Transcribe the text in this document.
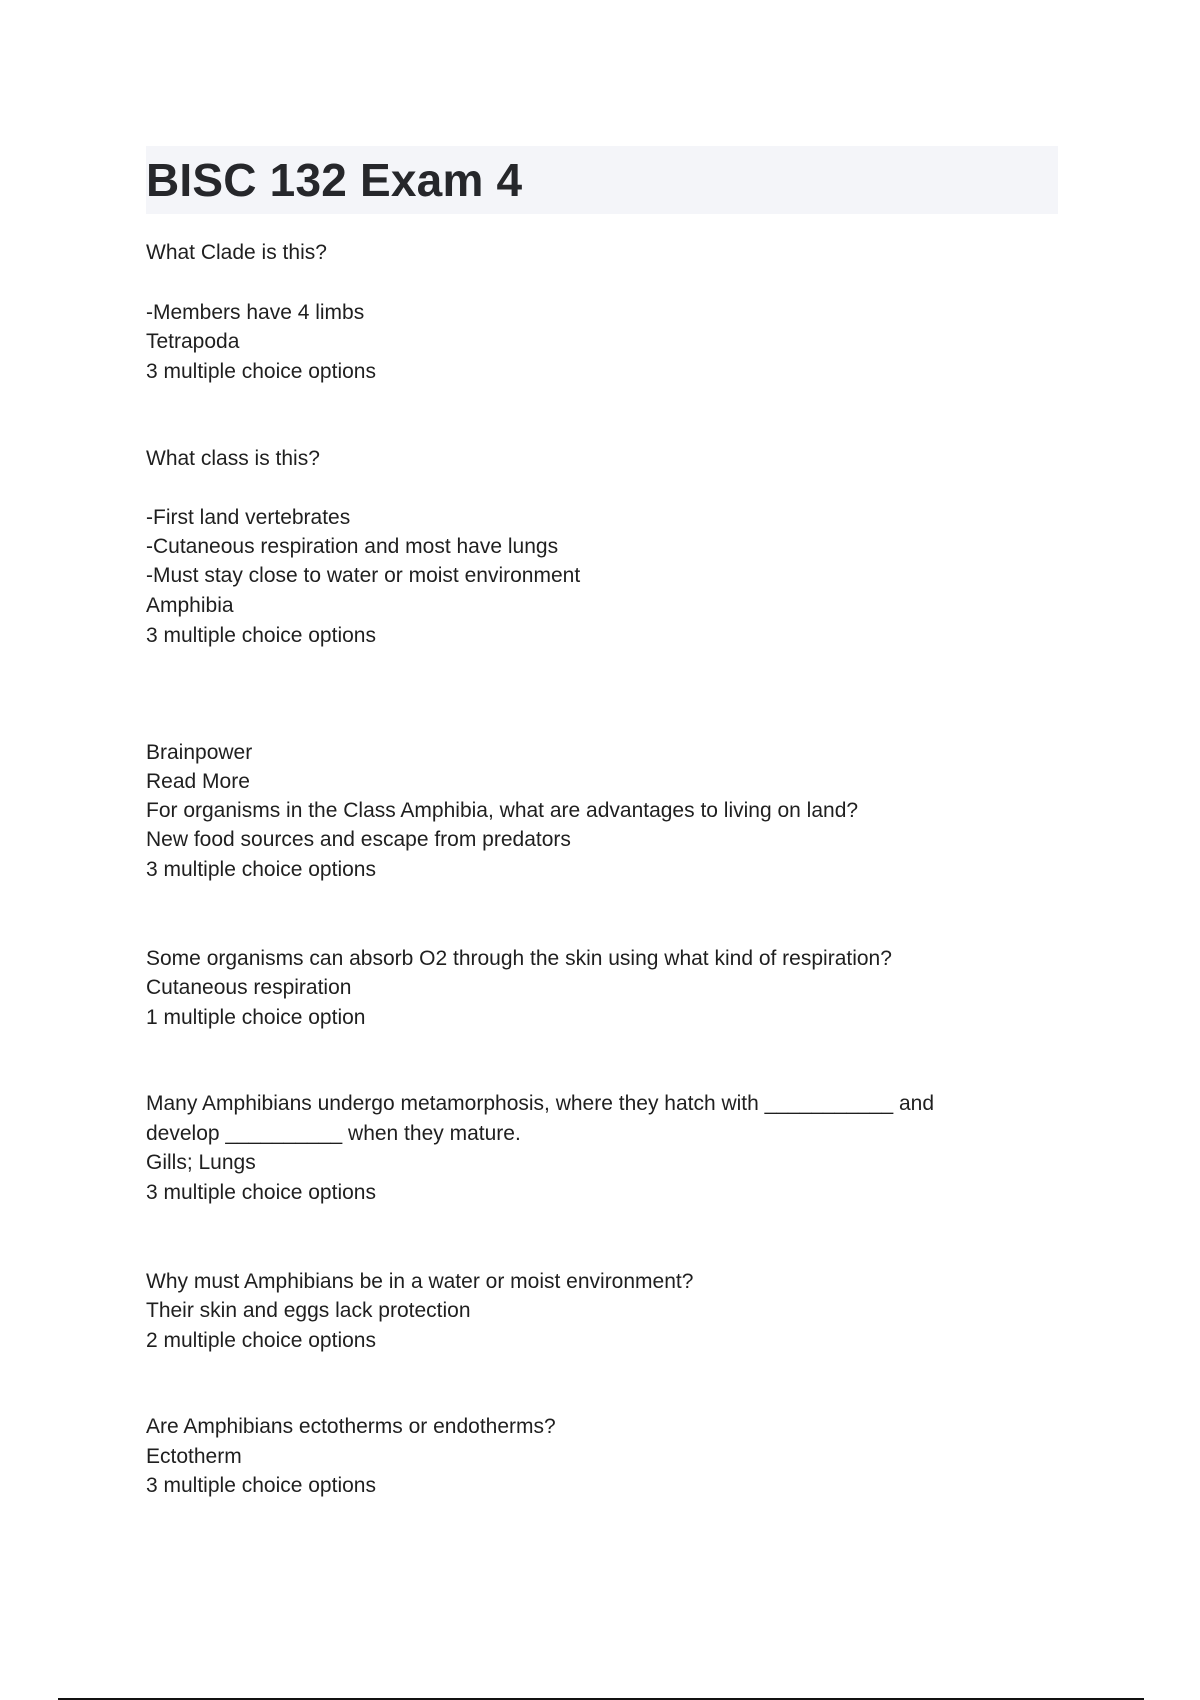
BISC 132 Exam 4

What Clade is this?

-Members have 4 limbs

Tetrapoda

3 multiple choice options

What class is this?

-First land vertebrates

-Cutaneous respiration and most have lungs

-Must stay close to water or moist environment

Amphibia

3 multiple choice options

Brainpower

Read More

For organisms in the Class Amphibia, what are advantages to living on land?

New food sources and escape from predators

3 multiple choice options

Some organisms can absorb O2 through the skin using what kind of respiration?

Cutaneous respiration

1 multiple choice option

Many Amphibians undergo metamorphosis, where they hatch with ___________ and

develop __________ when they mature.

Gills; Lungs

3 multiple choice options

Why must Amphibians be in a water or moist environment?

Their skin and eggs lack protection

2 multiple choice options

Are Amphibians ectotherms or endotherms?

Ectotherm

3 multiple choice options
